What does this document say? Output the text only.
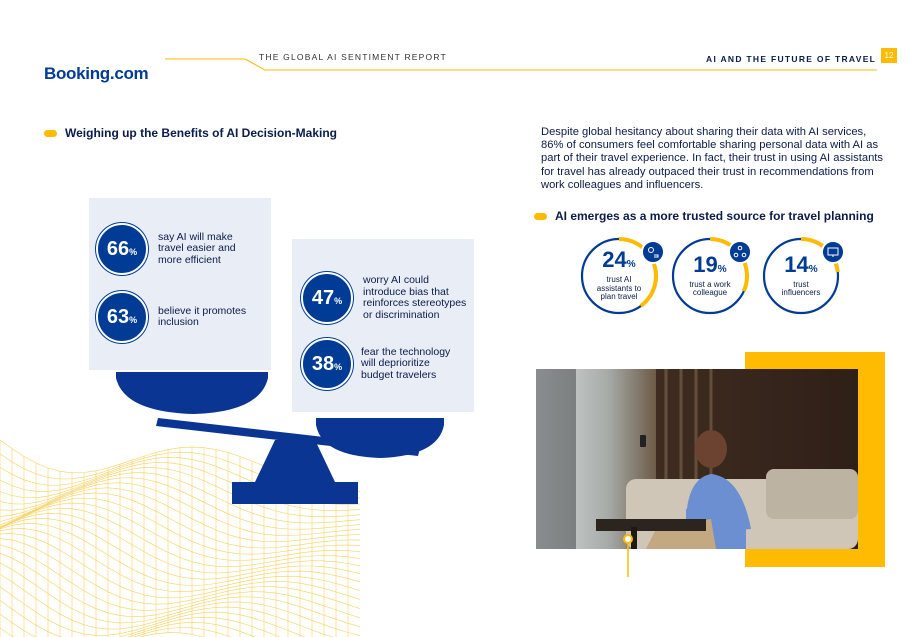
Booking.com
THE GLOBAL AI SENTIMENT REPORT	AI AND THE FUTURE OF TRAVEL	12
Weighing up the Benefits of AI Decision-Making
66 %
say AI will make travel easier and more efficient
63 %
believe it promotes inclusion
47 %
worry AI could introduce bias that reinforces stereotypes or discrimination
38 %
fear the technology will deprioritize budget travelers
Despite global hesitancy about sharing their data with AI services, 86% of consumers feel comfortable sharing personal data with AI as part of their travel experience. In fact, their trust in using AI assistants for travel has already outpaced their trust in recommendations from work colleagues and influencers.
AI emerges as a more trusted source for travel planning
24%
trust AI assistants to plan travel
19%
trust a work colleague
14%
trust influencers
